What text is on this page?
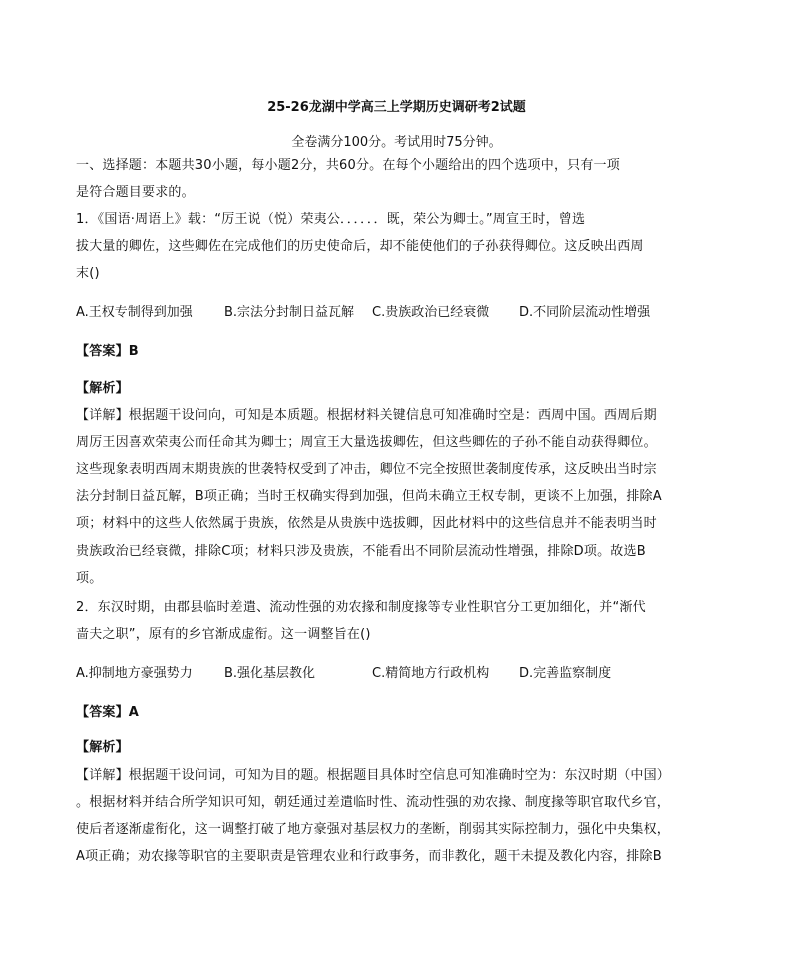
25-26龙湖中学高三上学期历史调研考2试题
全卷满分100分。考试用时75分钟。
一、选择题：本题共30小题，每小题2分，共60分。在每个小题给出的四个选项中，只有一项
是符合题目要求的。
1．《国语·周语上》载：“厉王说（悦）荣夷公．．．．．．既，荣公为卿士。”周宣王时，曾选
拔大量的卿佐，这些卿佐在完成他们的历史使命后，却不能使他们的子孙获得卿位。这反映出西周
末()
A.王权专制得到加强 B.宗法分封制日益瓦解 C.贵族政治已经衰微 D.不同阶层流动性增强
【答案】B
【解析】
【详解】根据题干设问向，可知是本质题。根据材料关键信息可知准确时空是：西周中国。西周后期
周厉王因喜欢荣夷公而任命其为卿士；周宣王大量选拔卿佐，但这些卿佐的子孙不能自动获得卿位。
这些现象表明西周末期贵族的世袭特权受到了冲击，卿位不完全按照世袭制度传承，这反映出当时宗
法分封制日益瓦解，B项正确；当时王权确实得到加强，但尚未确立王权专制，更谈不上加强，排除A
项；材料中的这些人依然属于贵族，依然是从贵族中选拔卿，因此材料中的这些信息并不能表明当时
贵族政治已经衰微，排除C项；材料只涉及贵族，不能看出不同阶层流动性增强，排除D项。故选B
项。
2．东汉时期，由郡县临时差遣、流动性强的劝农掾和制度掾等专业性职官分工更加细化，并“渐代
啬夫之职”，原有的乡官渐成虚衔。这一调整旨在()
A.抑制地方豪强势力 B.强化基层教化	C.精简地方行政机构 D.完善监察制度
【答案】A
【解析】
【详解】根据题干设问词，可知为目的题。根据题目具体时空信息可知准确时空为：东汉时期（中国）
。根据材料并结合所学知识可知，朝廷通过差遣临时性、流动性强的劝农掾、制度掾等职官取代乡官，
使后者逐渐虚衔化，这一调整打破了地方豪强对基层权力的垄断，削弱其实际控制力，强化中央集权，
A项正确；劝农掾等职官的主要职责是管理农业和行政事务，而非教化，题干未提及教化内容，排除B
